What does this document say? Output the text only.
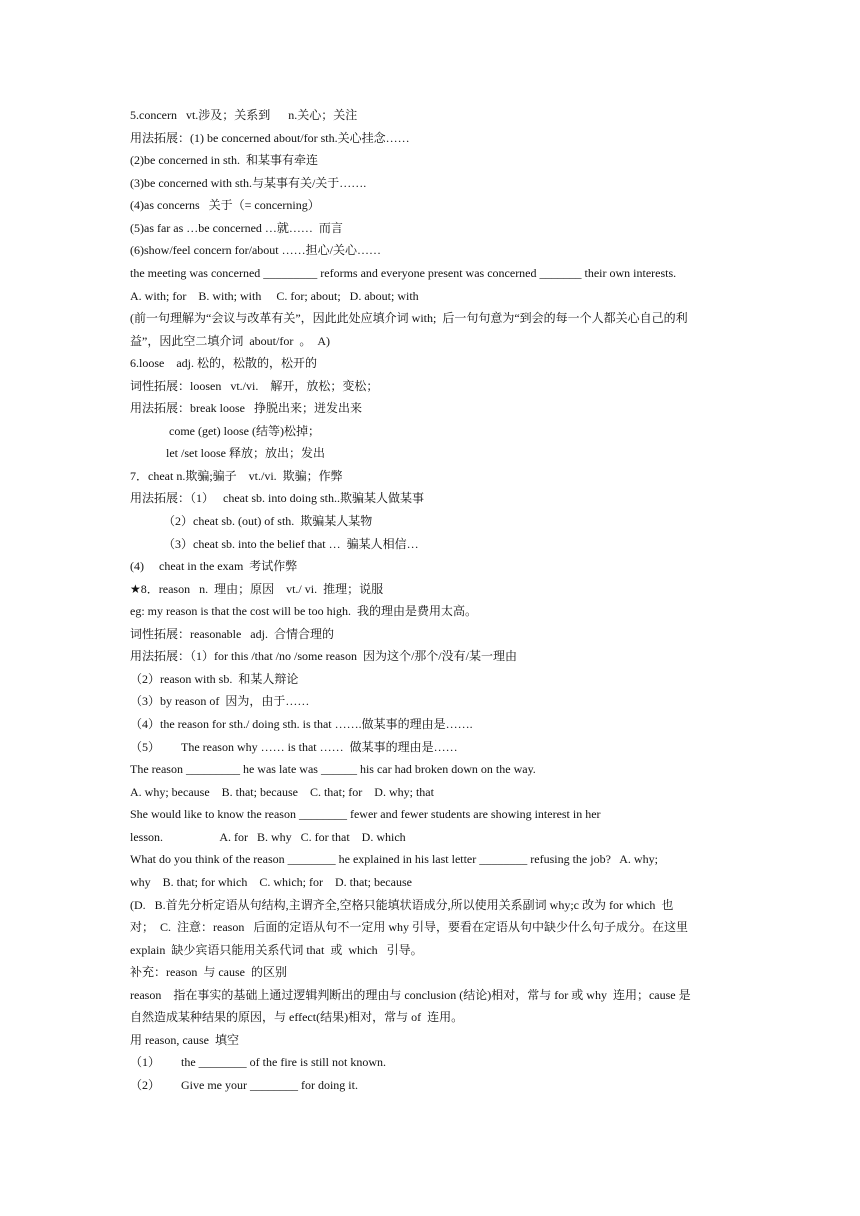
5.concern   vt.涉及；关系到      n.关心；关注
用法拓展：(1) be concerned about/for sth.关心挂念……
(2)be concerned in sth.  和某事有牵连
(3)be concerned with sth.与某事有关/关于…….
(4)as concerns   关于（= concerning）
(5)as far as …be concerned …就……  而言
(6)show/feel concern for/about ……担心/关心……
the meeting was concerned _________ reforms and everyone present was concerned _______ their own interests.
A. with; for    B. with; with     C. for; about;   D. about; with
(前一句理解为“会议与改革有关”，因此此处应填介词 with;  后一句句意为“到会的每一个人都关心自己的利
益”，因此空二填介词  about/for  。  A)
6.loose    adj. 松的，松散的，松开的
词性拓展：loosen   vt./vi.    解开，放松；变松；
用法拓展：break loose   挣脱出来；迸发出来
come (get) loose (结等)松掉；
let /set loose 释放；放出；发出
7．cheat n.欺骗;骗子    vt./vi.  欺骗；作弊
用法拓展：（1）   cheat sb. into doing sth..欺骗某人做某事
（2）cheat sb. (out) of sth.  欺骗某人某物
（3）cheat sb. into the belief that …  骗某人相信…
(4)     cheat in the exam  考试作弊
★8．reason   n.  理由；原因    vt./ vi.  推理；说服
eg: my reason is that the cost will be too high.  我的理由是费用太高。
词性拓展：reasonable   adj.  合情合理的
用法拓展：（1）for this /that /no /some reason  因为这个/那个/没有/某一理由
（2）reason with sb.  和某人辩论
（3）by reason of  因为，由于……
（4）the reason for sth./ doing sth. is that …….做某事的理由是…….
（5）       The reason why …… is that ……  做某事的理由是……
The reason _________ he was late was ______ his car had broken down on the way.
A. why; because    B. that; because    C. that; for    D. why; that
She would like to know the reason ________ fewer and fewer students are showing interest in her
lesson.                   A. for   B. why   C. for that    D. which
What do you think of the reason ________ he explained in his last letter ________ refusing the job?   A. why;
why    B. that; for which    C. which; for    D. that; because
(D.   B.首先分析定语从句结构,主谓齐全,空格只能填状语成分,所以使用关系副词 why;c 改为 for which  也
对；  C.  注意：reason   后面的定语从句不一定用 why 引导，要看在定语从句中缺少什么句子成分。在这里
explain  缺少宾语只能用关系代词 that  或  which   引导。
补充：reason  与 cause  的区别
reason    指在事实的基础上通过逻辑判断出的理由与 conclusion (结论)相对，常与 for 或 why  连用；cause 是
自然造成某种结果的原因，与 effect(结果)相对，常与 of  连用。
用 reason, cause  填空
（1）       the ________ of the fire is still not known.
（2）       Give me your ________ for doing it.
